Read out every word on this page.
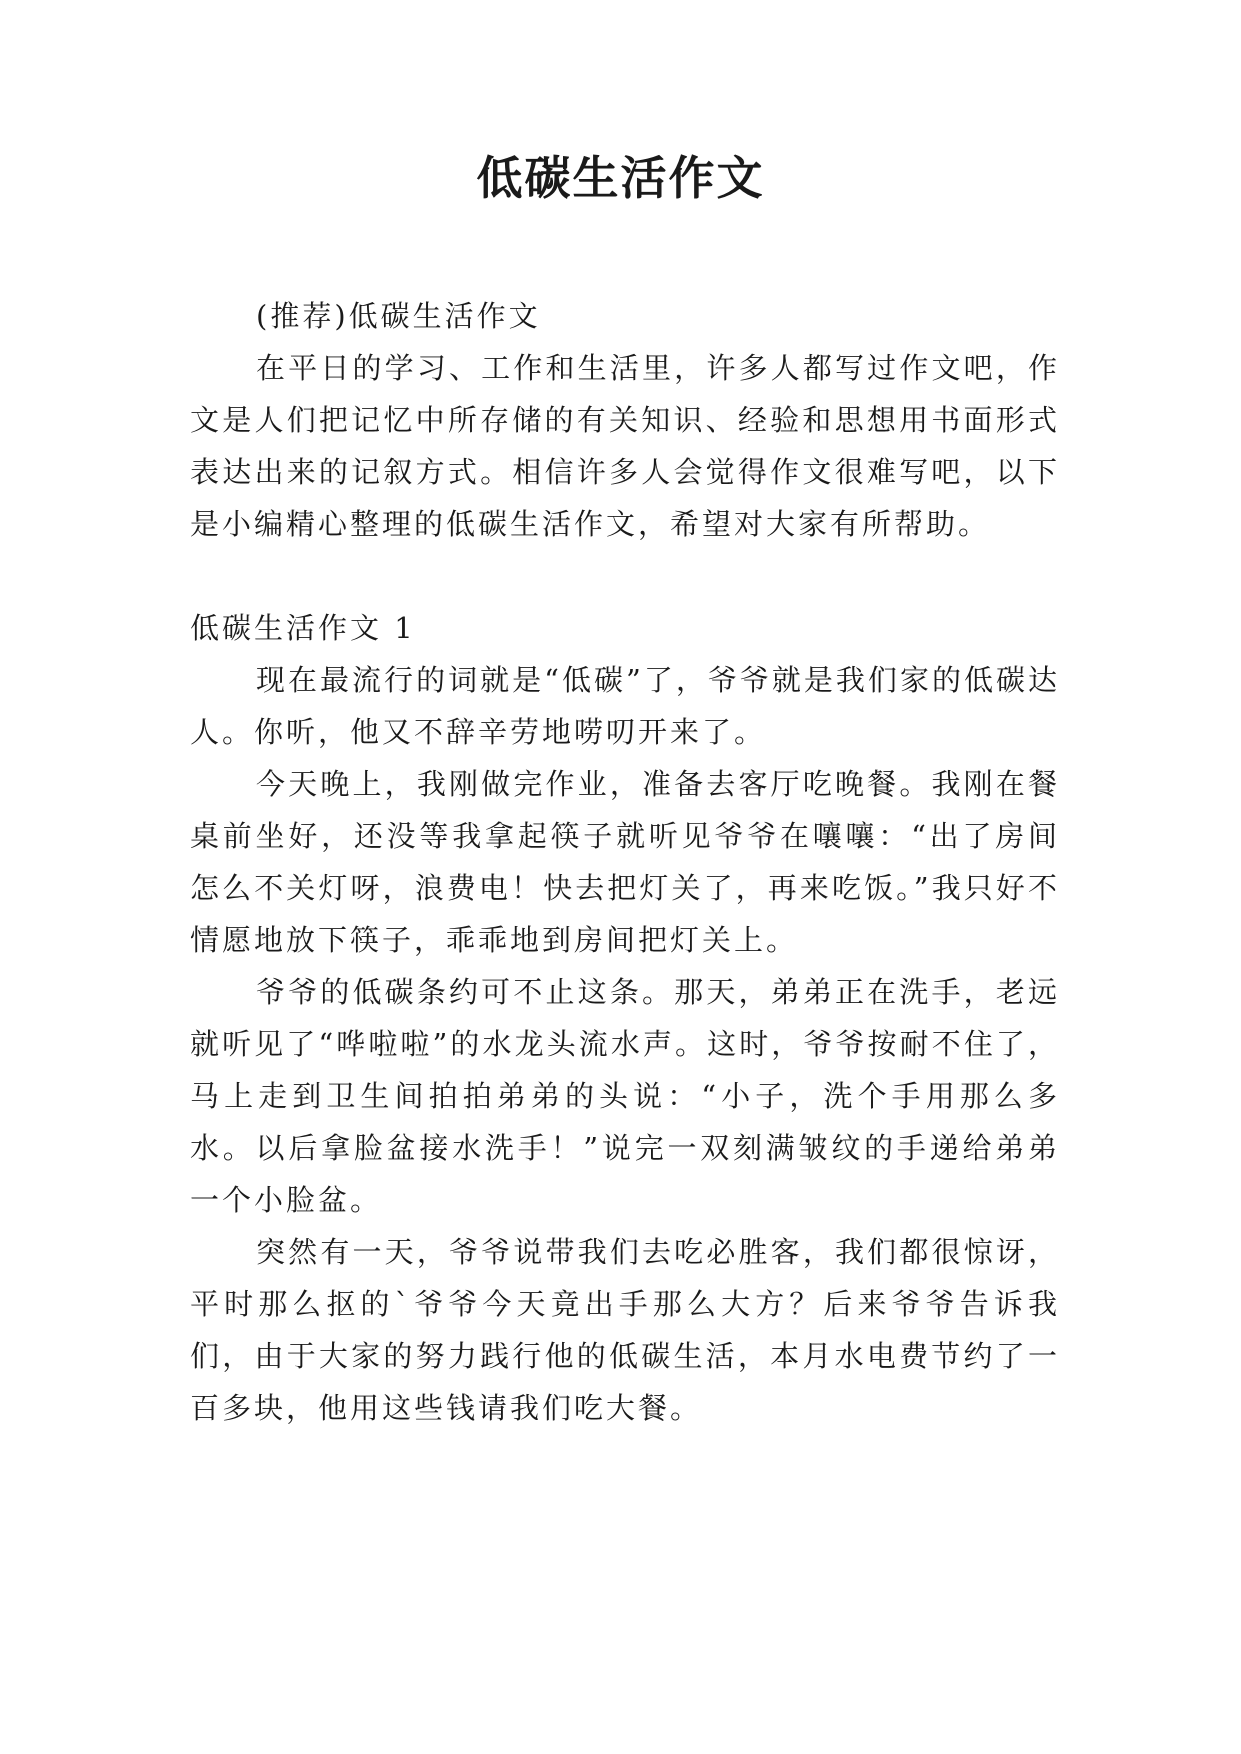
低碳生活作文

(推荐)低碳生活作文

在平日的学习、工作和生活里，许多人都写过作文吧，作文是人们把记忆中所存储的有关知识、经验和思想用书面形式表达出来的记叙方式。相信许多人会觉得作文很难写吧，以下是小编精心整理的低碳生活作文，希望对大家有所帮助。

低碳生活作文 1

现在最流行的词就是“低碳”了，爷爷就是我们家的低碳达人。你听，他又不辞辛劳地唠叨开来了。

今天晚上，我刚做完作业，准备去客厅吃晚餐。我刚在餐桌前坐好，还没等我拿起筷子就听见爷爷在嚷嚷：“出了房间怎么不关灯呀，浪费电！快去把灯关了，再来吃饭。”我只好不情愿地放下筷子，乖乖地到房间把灯关上。

爷爷的低碳条约可不止这条。那天，弟弟正在洗手，老远就听见了“哗啦啦”的水龙头流水声。这时，爷爷按耐不住了，马上走到卫生间拍拍弟弟的头说：“小子，洗个手用那么多水。以后拿脸盆接水洗手！”说完一双刻满皱纹的手递给弟弟一个小脸盆。

突然有一天，爷爷说带我们去吃必胜客，我们都很惊讶，平时那么抠的`爷爷今天竟出手那么大方？后来爷爷告诉我们，由于大家的努力践行他的低碳生活，本月水电费节约了一百多块，他用这些钱请我们吃大餐。
